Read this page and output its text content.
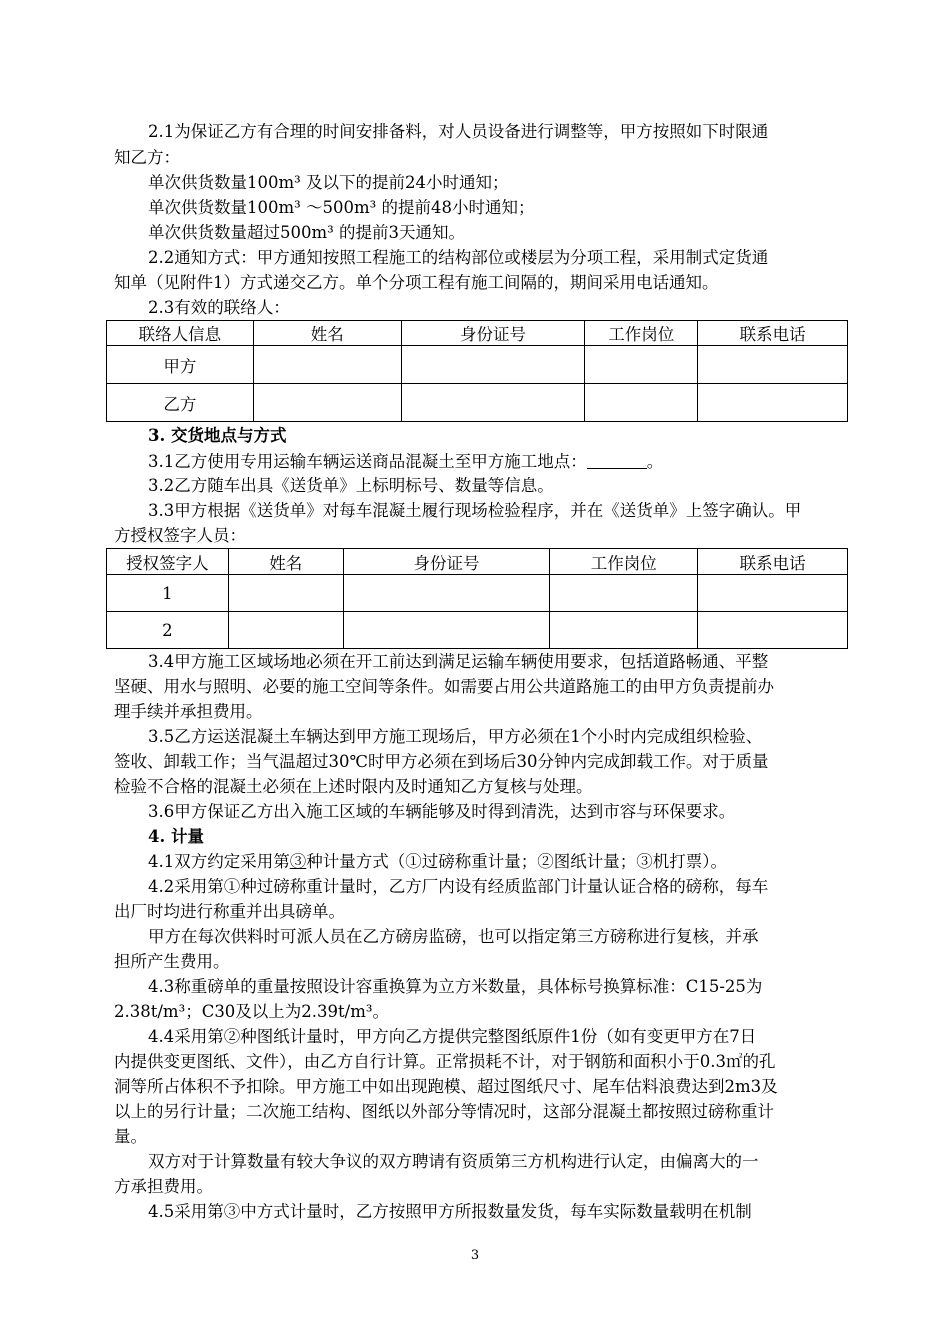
2.1为保证乙方有合理的时间安排备料，对人员设备进行调整等，甲方按照如下时限通
知乙方：
单次供货数量100m³ 及以下的提前24小时通知；
单次供货数量100m³ ～500m³ 的提前48小时通知；
单次供货数量超过500m³ 的提前3天通知。
2.2通知方式：甲方通知按照工程施工的结构部位或楼层为分项工程，采用制式定货通
知单（见附件1）方式递交乙方。单个分项工程有施工间隔的，期间采用电话通知。
2.3有效的联络人：
联络人信息	姓名	身份证号	工作岗位	联系电话
甲方				
乙方				
3. 交货地点与方式
3.1乙方使用专用运输车辆运送商品混凝土至甲方施工地点：	。
3.2乙方随车出具《送货单》上标明标号、数量等信息。
3.3甲方根据《送货单》对每车混凝土履行现场检验程序，并在《送货单》上签字确认。甲
方授权签字人员：
授权签字人	姓名	身份证号	工作岗位	联系电话
1				
2				
3.4甲方施工区域场地必须在开工前达到满足运输车辆使用要求，包括道路畅通、平整
坚硬、用水与照明、必要的施工空间等条件。如需要占用公共道路施工的由甲方负责提前办
理手续并承担费用。
3.5乙方运送混凝土车辆达到甲方施工现场后，甲方必须在1个小时内完成组织检验、
签收、卸载工作；当气温超过30℃时甲方必须在到场后30分钟内完成卸载工作。对于质量
检验不合格的混凝土必须在上述时限内及时通知乙方复核与处理。
3.6甲方保证乙方出入施工区域的车辆能够及时得到清洗，达到市容与环保要求。
4. 计量
4.1双方约定采用第③种计量方式（①过磅称重计量；②图纸计量；③机打票）。
4.2采用第①种过磅称重计量时，乙方厂内设有经质监部门计量认证合格的磅称，每车
出厂时均进行称重并出具磅单。
甲方在每次供料时可派人员在乙方磅房监磅，也可以指定第三方磅称进行复核，并承
担所产生费用。
4.3称重磅单的重量按照设计容重换算为立方米数量，具体标号换算标准：C15-25为
2.38t/m³；C30及以上为2.39t/m³。
4.4采用第②种图纸计量时，甲方向乙方提供完整图纸原件1份（如有变更甲方在7日
内提供变更图纸、文件），由乙方自行计算。正常损耗不计，对于钢筋和面积小于0.3㎡的孔
洞等所占体积不予扣除。甲方施工中如出现跑模、超过图纸尺寸、尾车估料浪费达到2m3及
以上的另行计量；二次施工结构、图纸以外部分等情况时，这部分混凝土都按照过磅称重计
量。
双方对于计算数量有较大争议的双方聘请有资质第三方机构进行认定，由偏离大的一
方承担费用。
4.5采用第③中方式计量时，乙方按照甲方所报数量发货，每车实际数量载明在机制
3
